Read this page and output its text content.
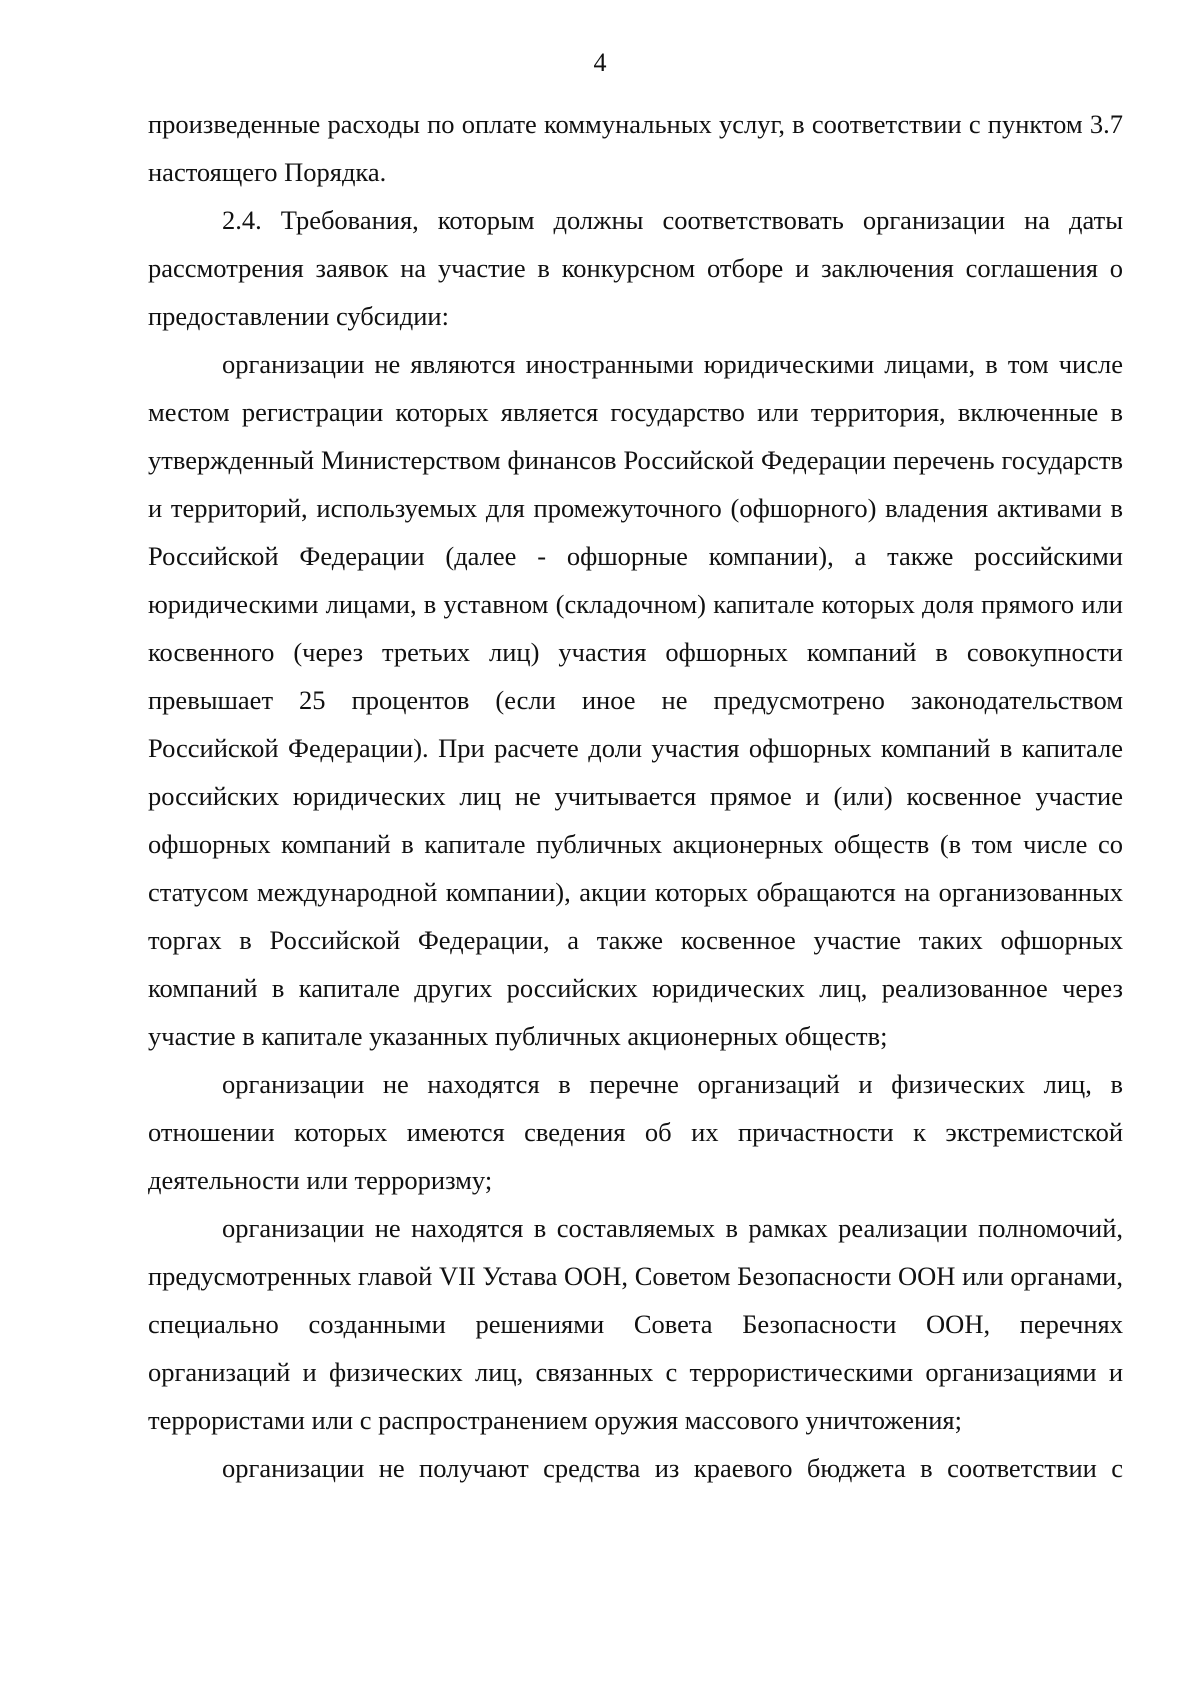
4

произведенные расходы по оплате коммунальных услуг, в соответствии с пунктом 3.7 настоящего Порядка.

2.4. Требования, которым должны соответствовать организации на даты рассмотрения заявок на участие в конкурсном отборе и заключения соглашения о предоставлении субсидии:

организации не являются иностранными юридическими лицами, в том числе местом регистрации которых является государство или территория, включенные в утвержденный Министерством финансов Российской Федерации перечень государств и территорий, используемых для промежуточного (офшорного) владения активами в Российской Федерации (далее - офшорные компании), а также российскими юридическими лицами, в уставном (складочном) капитале которых доля прямого или косвенного (через третьих лиц) участия офшорных компаний в совокупности превышает 25 процентов (если иное не предусмотрено законодательством Российской Федерации). При расчете доли участия офшорных компаний в капитале российских юридических лиц не учитывается прямое и (или) косвенное участие офшорных компаний в капитале публичных акционерных обществ (в том числе со статусом международной компании), акции которых обращаются на организованных торгах в Российской Федерации, а также косвенное участие таких офшорных компаний в капитале других российских юридических лиц, реализованное через участие в капитале указанных публичных акционерных обществ;

организации не находятся в перечне организаций и физических лиц, в отношении которых имеются сведения об их причастности к экстремистской деятельности или терроризму;

организации не находятся в составляемых в рамках реализации полномочий, предусмотренных главой VII Устава ООН, Советом Безопасности ООН или органами, специально созданными решениями Совета Безопасности ООН, перечнях организаций и физических лиц, связанных с террористическими организациями и террористами или с распространением оружия массового уничтожения;

организации не получают средства из краевого бюджета в соответствии с
